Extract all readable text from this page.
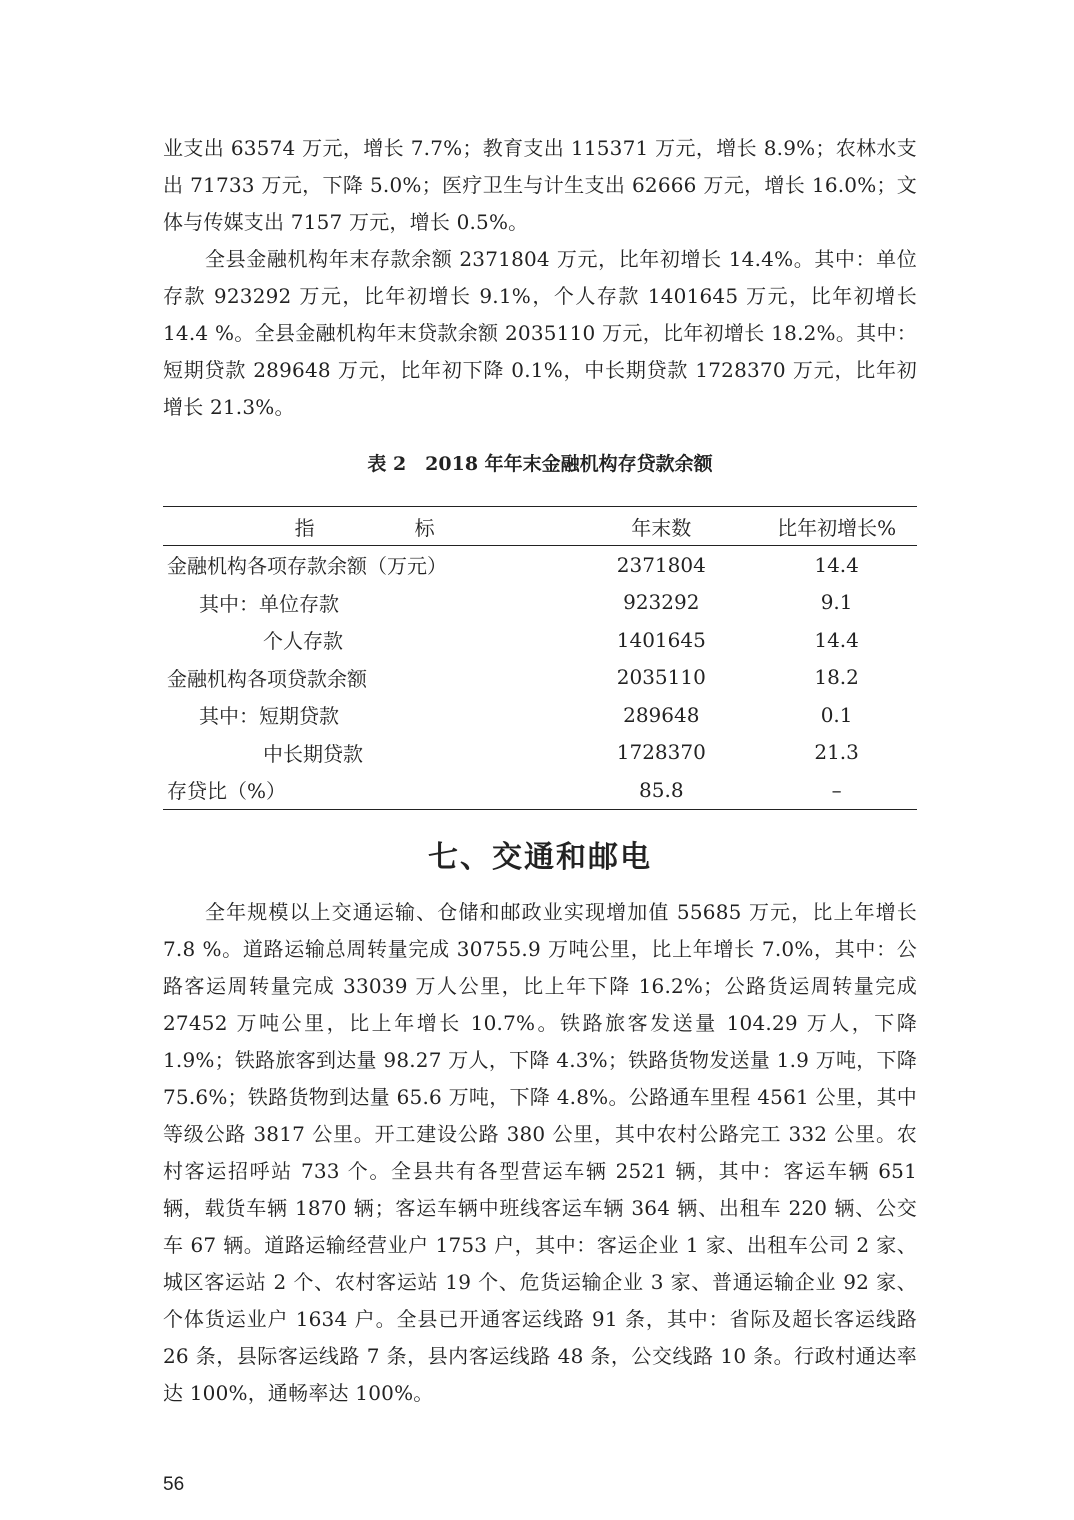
业支出 63574 万元，增长 7.7%；教育支出 115371 万元，增长 8.9%；农林水支出 71733 万元，下降 5.0%；医疗卫生与计生支出 62666 万元，增长 16.0%；文体与传媒支出 7157 万元，增长 0.5%。

全县金融机构年末存款余额 2371804 万元，比年初增长 14.4%。其中：单位存款 923292 万元，比年初增长 9.1%，个人存款 1401645 万元，比年初增长 14.4 %。全县金融机构年末贷款余额 2035110 万元，比年初增长 18.2%。其中：短期贷款 289648 万元，比年初下降 0.1%，中长期贷款 1728370 万元，比年初增长 21.3%。

表 2　2018 年年末金融机构存贷款余额
指　　　　　标	年末数	比年初增长%
金融机构各项存款余额（万元）	2371804	14.4
其中：单位存款	923292	9.1
个人存款	1401645	14.4
金融机构各项贷款余额	2035110	18.2
其中：短期贷款	289648	0.1
中长期贷款	1728370	21.3
存贷比（%）	85.8	–
七、交通和邮电

全年规模以上交通运输、仓储和邮政业实现增加值 55685 万元，比上年增长 7.8 %。道路运输总周转量完成 30755.9 万吨公里，比上年增长 7.0%，其中：公路客运周转量完成 33039 万人公里，比上年下降 16.2%；公路货运周转量完成 27452 万吨公里，比上年增长 10.7%。铁路旅客发送量 104.29 万人，下降 1.9%；铁路旅客到达量 98.27 万人，下降 4.3%；铁路货物发送量 1.9 万吨，下降 75.6%；铁路货物到达量 65.6 万吨，下降 4.8%。公路通车里程 4561 公里，其中等级公路 3817 公里。开工建设公路 380 公里，其中农村公路完工 332 公里。农村客运招呼站 733 个。全县共有各型营运车辆 2521 辆，其中：客运车辆 651 辆，载货车辆 1870 辆；客运车辆中班线客运车辆 364 辆、出租车 220 辆、公交车 67 辆。道路运输经营业户 1753 户，其中：客运企业 1 家、出租车公司 2 家、城区客运站 2 个、农村客运站 19 个、危货运输企业 3 家、普通运输企业 92 家、个体货运业户 1634 户。全县已开通客运线路 91 条，其中：省际及超长客运线路 26 条，县际客运线路 7 条，县内客运线路 48 条，公交线路 10 条。行政村通达率达 100%，通畅率达 100%。

56
